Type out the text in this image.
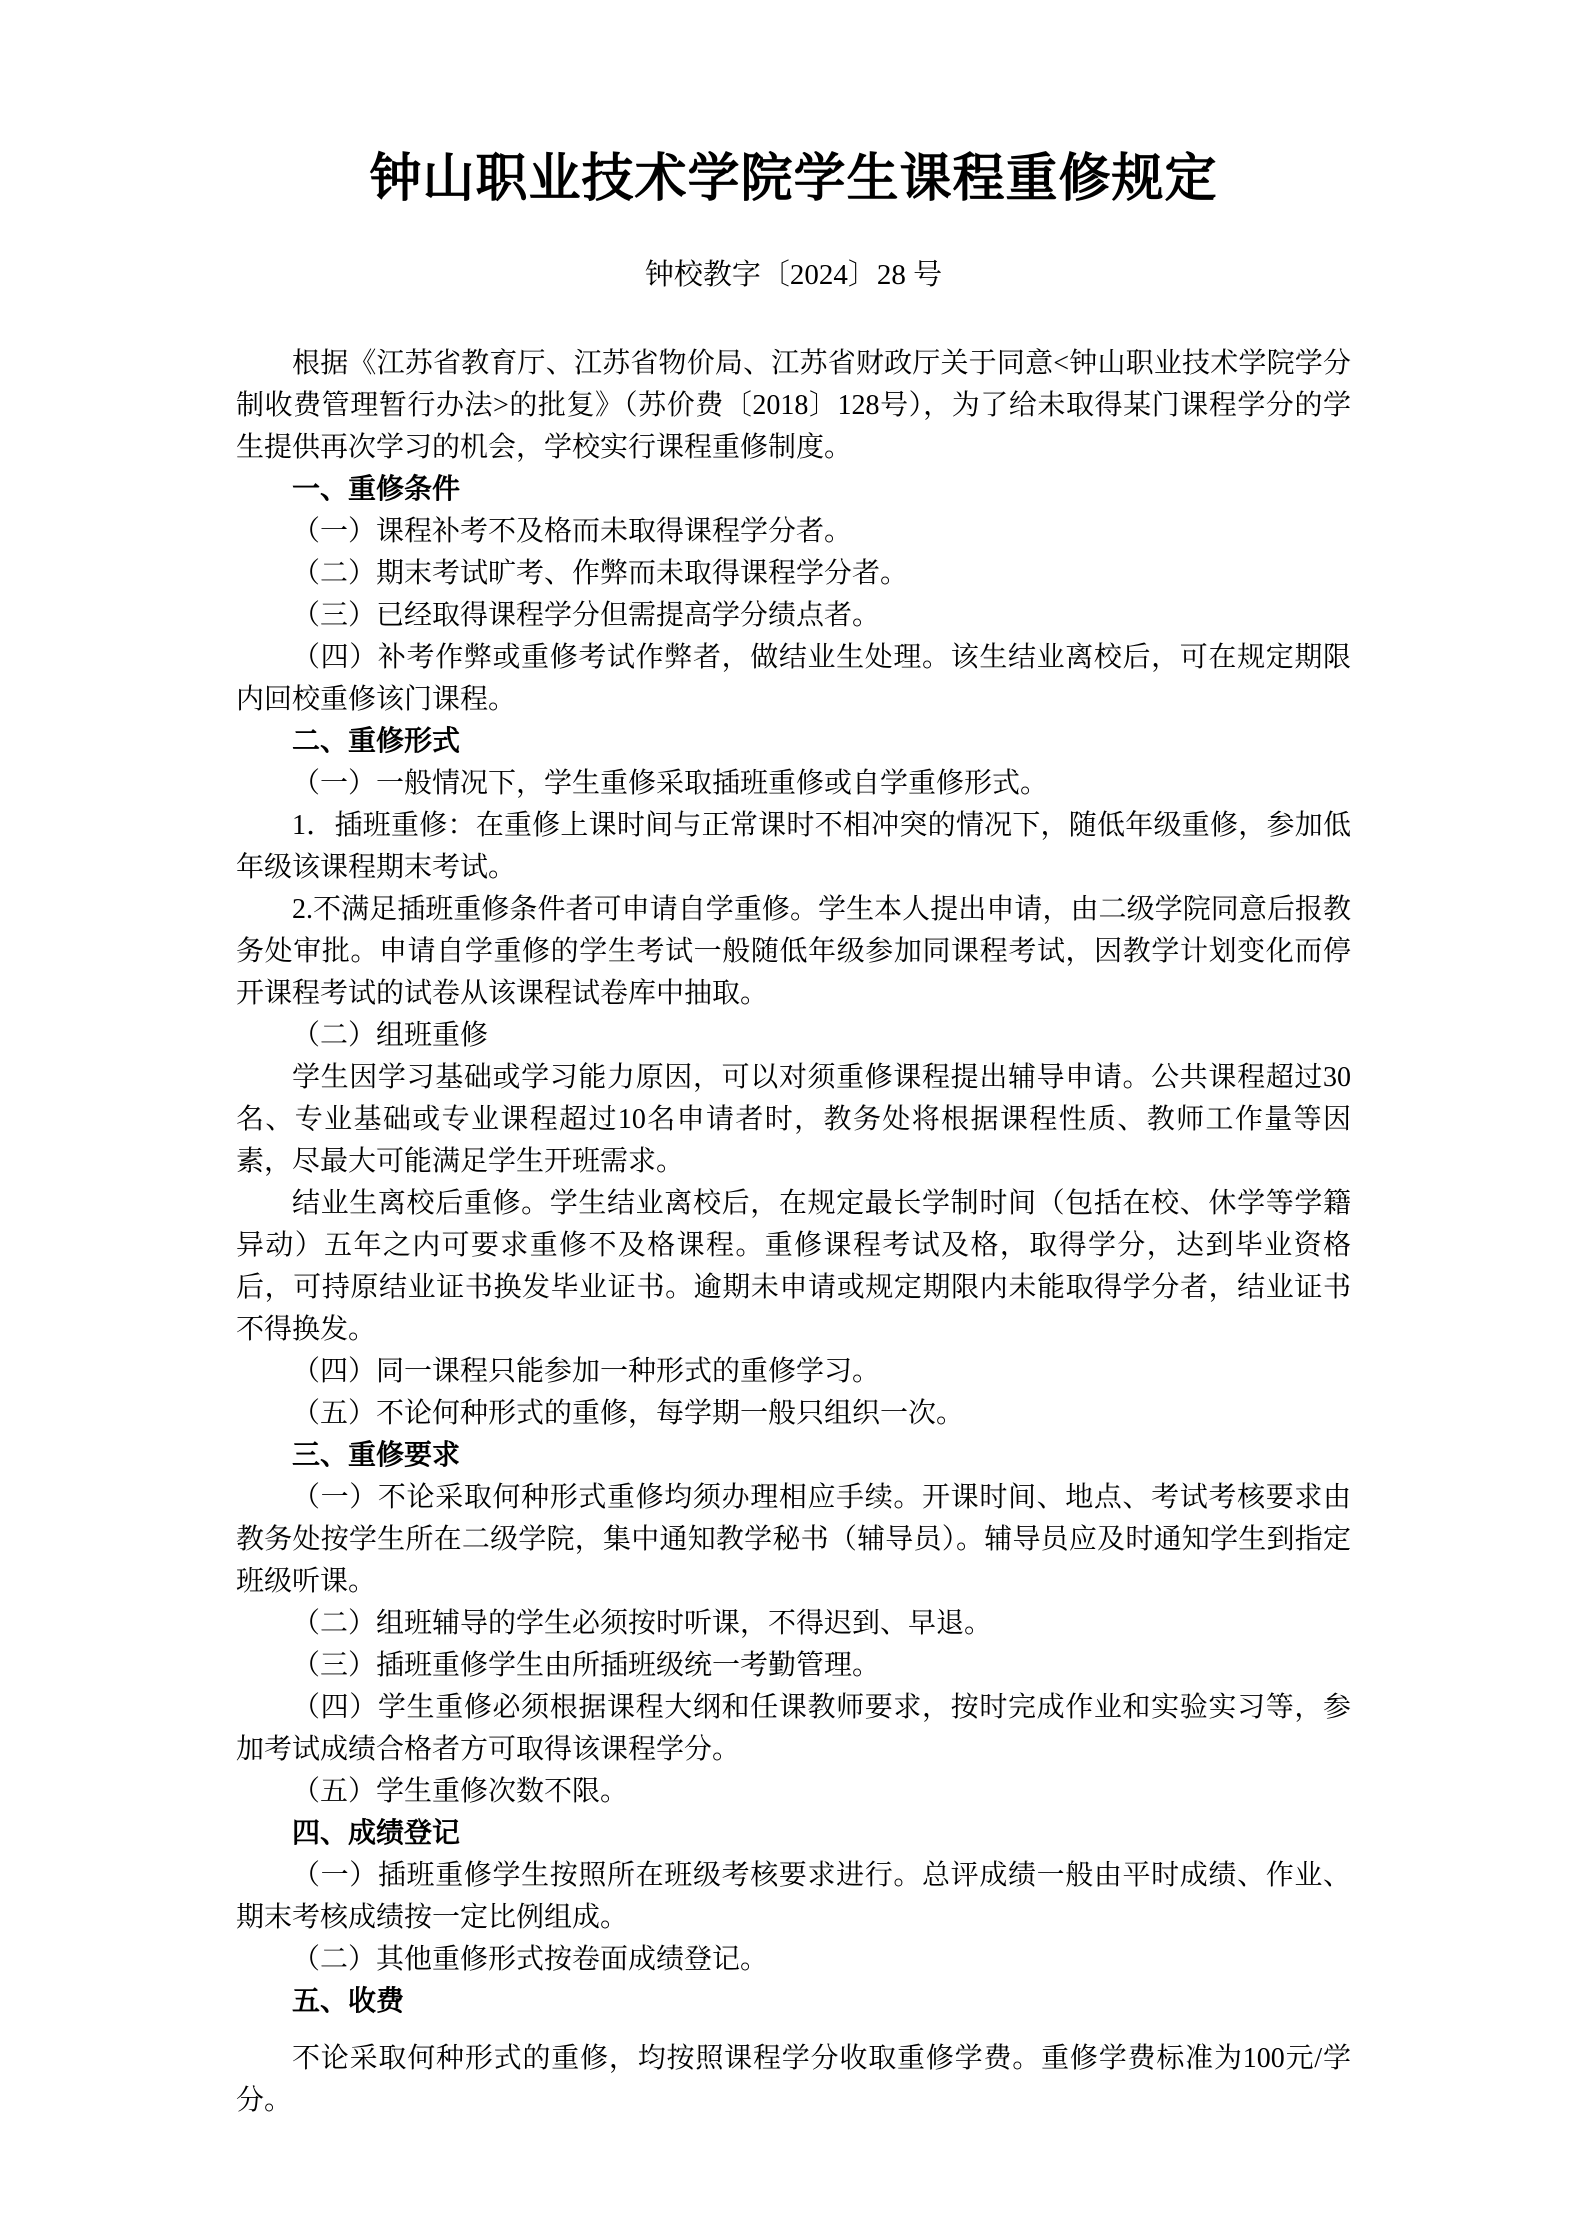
钟山职业技术学院学生课程重修规定
钟校教字〔2024〕28 号

根据《江苏省教育厅、江苏省物价局、江苏省财政厅关于同意<钟山职业技术学院学分制收费管理暂行办法>的批复》（苏价费〔2018〕128号），为了给未取得某门课程学分的学生提供再次学习的机会，学校实行课程重修制度。

一、重修条件

（一）课程补考不及格而未取得课程学分者。

（二）期末考试旷考、作弊而未取得课程学分者。

（三）已经取得课程学分但需提高学分绩点者。

（四）补考作弊或重修考试作弊者，做结业生处理。该生结业离校后，可在规定期限内回校重修该门课程。

二、重修形式

（一）一般情况下，学生重修采取插班重修或自学重修形式。

1．插班重修：在重修上课时间与正常课时不相冲突的情况下，随低年级重修，参加低年级该课程期末考试。

2.不满足插班重修条件者可申请自学重修。学生本人提出申请，由二级学院同意后报教务处审批。申请自学重修的学生考试一般随低年级参加同课程考试，因教学计划变化而停开课程考试的试卷从该课程试卷库中抽取。

（二）组班重修

学生因学习基础或学习能力原因，可以对须重修课程提出辅导申请。公共课程超过30名、专业基础或专业课程超过10名申请者时，教务处将根据课程性质、教师工作量等因素，尽最大可能满足学生开班需求。

结业生离校后重修。学生结业离校后，在规定最长学制时间（包括在校、休学等学籍异动）五年之内可要求重修不及格课程。重修课程考试及格，取得学分，达到毕业资格后，可持原结业证书换发毕业证书。逾期未申请或规定期限内未能取得学分者，结业证书不得换发。

（四）同一课程只能参加一种形式的重修学习。

（五）不论何种形式的重修，每学期一般只组织一次。

三、重修要求

（一）不论采取何种形式重修均须办理相应手续。开课时间、地点、考试考核要求由教务处按学生所在二级学院，集中通知教学秘书（辅导员）。辅导员应及时通知学生到指定班级听课。

（二）组班辅导的学生必须按时听课，不得迟到、早退。

（三）插班重修学生由所插班级统一考勤管理。

（四）学生重修必须根据课程大纲和任课教师要求，按时完成作业和实验实习等，参加考试成绩合格者方可取得该课程学分。

（五）学生重修次数不限。

四、成绩登记

（一）插班重修学生按照所在班级考核要求进行。总评成绩一般由平时成绩、作业、期末考核成绩按一定比例组成。

（二）其他重修形式按卷面成绩登记。

五、收费

不论采取何种形式的重修，均按照课程学分收取重修学费。重修学费标准为100元/学分。
